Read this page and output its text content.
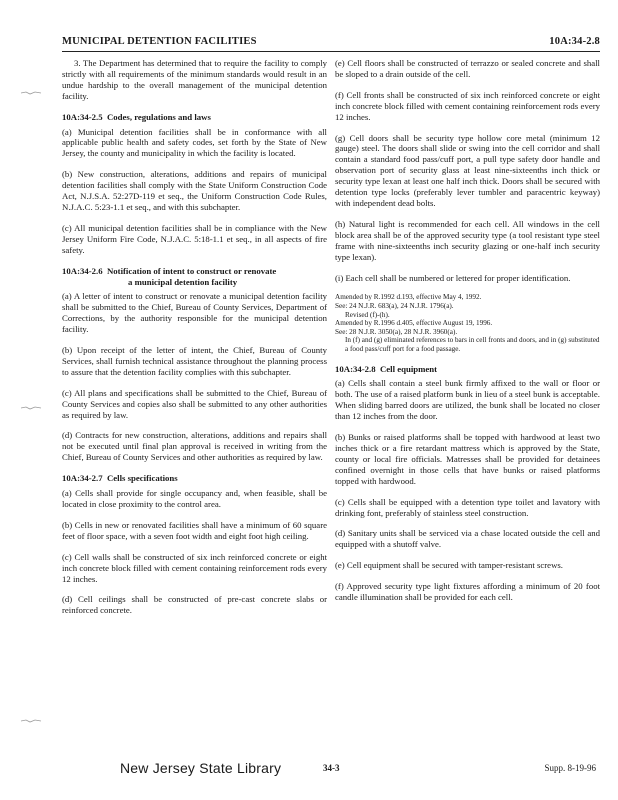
MUNICIPAL DETENTION FACILITIES	10A:34-2.8
3. The Department has determined that to require the facility to comply strictly with all requirements of the minimum standards would result in an undue hardship to the overall management of the municipal detention facility.
10A:34-2.5 Codes, regulations and laws
(a) Municipal detention facilities shall be in conformance with all applicable public health and safety codes, set forth by the State of New Jersey, the county and municipality in which the facility is located.
(b) New construction, alterations, additions and repairs of municipal detention facilities shall comply with the State Uniform Construction Code Act, N.J.S.A. 52:27D-119 et seq., the Uniform Construction Code Rules, N.J.A.C. 5:23-1.1 et seq., and with this subchapter.
(c) All municipal detention facilities shall be in compliance with the New Jersey Uniform Fire Code, N.J.A.C. 5:18-1.1 et seq., in all aspects of fire safety.
10A:34-2.6 Notification of intent to construct or renovate
a municipal detention facility
(a) A letter of intent to construct or renovate a municipal detention facility shall be submitted to the Chief, Bureau of County Services, Department of Corrections, by the authority responsible for the municipal detention facility.
(b) Upon receipt of the letter of intent, the Chief, Bureau of County Services, shall furnish technical assistance throughout the planning process to assure that the detention facility complies with this subchapter.
(c) All plans and specifications shall be submitted to the Chief, Bureau of County Services and copies also shall be submitted to any other authorities as required by law.
(d) Contracts for new construction, alterations, additions and repairs shall not be executed until final plan approval is received in writing from the Chief, Bureau of County Services and other authorities as required by law.
10A:34-2.7 Cells specifications
(a) Cells shall provide for single occupancy and, when feasible, shall be located in close proximity to the control area.
(b) Cells in new or renovated facilities shall have a minimum of 60 square feet of floor space, with a seven foot width and eight foot high ceiling.
(c) Cell walls shall be constructed of six inch reinforced concrete or eight inch concrete block filled with cement containing reinforcement rods every 12 inches.
(d) Cell ceilings shall be constructed of pre-cast concrete slabs or reinforced concrete.
(e) Cell floors shall be constructed of terrazzo or sealed concrete and shall be sloped to a drain outside of the cell.
(f) Cell fronts shall be constructed of six inch reinforced concrete or eight inch concrete block filled with cement containing reinforcement rods every 12 inches.
(g) Cell doors shall be security type hollow core metal (minimum 12 gauge) steel. The doors shall slide or swing into the cell corridor and shall contain a standard food pass/cuff port, a pull type safety door handle and observation port of security glass at least nine-sixteenths inch thick or security type lexan at least one half inch thick. Doors shall be secured with detention type locks (preferably lever tumbler and paracentric keyway) with independent dead bolts.
(h) Natural light is recommended for each cell. All windows in the cell block area shall be of the approved security type (a tool resistant type steel frame with nine-sixteenths inch security glazing or one-half inch security type lexan).
(i) Each cell shall be numbered or lettered for proper identification.
Amended by R.1992 d.193, effective May 4, 1992.
See: 24 N.J.R. 683(a), 24 N.J.R. 1796(a).
Revised (f)-(h).
Amended by R.1996 d.405, effective August 19, 1996.
See: 28 N.J.R. 3050(a), 28 N.J.R. 3960(a).
In (f) and (g) eliminated references to bars in cell fronts and doors, and in (g) substituted a food pass/cuff port for a food passage.
10A:34-2.8 Cell equipment
(a) Cells shall contain a steel bunk firmly affixed to the wall or floor or both. The use of a raised platform bunk in lieu of a steel bunk is acceptable. When sliding barred doors are utilized, the bunk shall be located no closer than 12 inches from the door.
(b) Bunks or raised platforms shall be topped with hardwood at least two inches thick or a fire retardant mattress which is approved by the State, county or local fire officials. Matresses shall be provided for detainees confined overnight in those cells that have bunks or raised platforms topped with hardwood.
(c) Cells shall be equipped with a detention type toilet and lavatory with drinking font, preferably of stainless steel construction.
(d) Sanitary units shall be serviced via a chase located outside the cell and equipped with a shutoff valve.
(e) Cell equipment shall be secured with tamper-resistant screws.
(f) Approved security type light fixtures affording a minimum of 20 foot candle illumination shall be provided for each cell.
New Jersey State Library	34-3	Supp. 8-19-96
